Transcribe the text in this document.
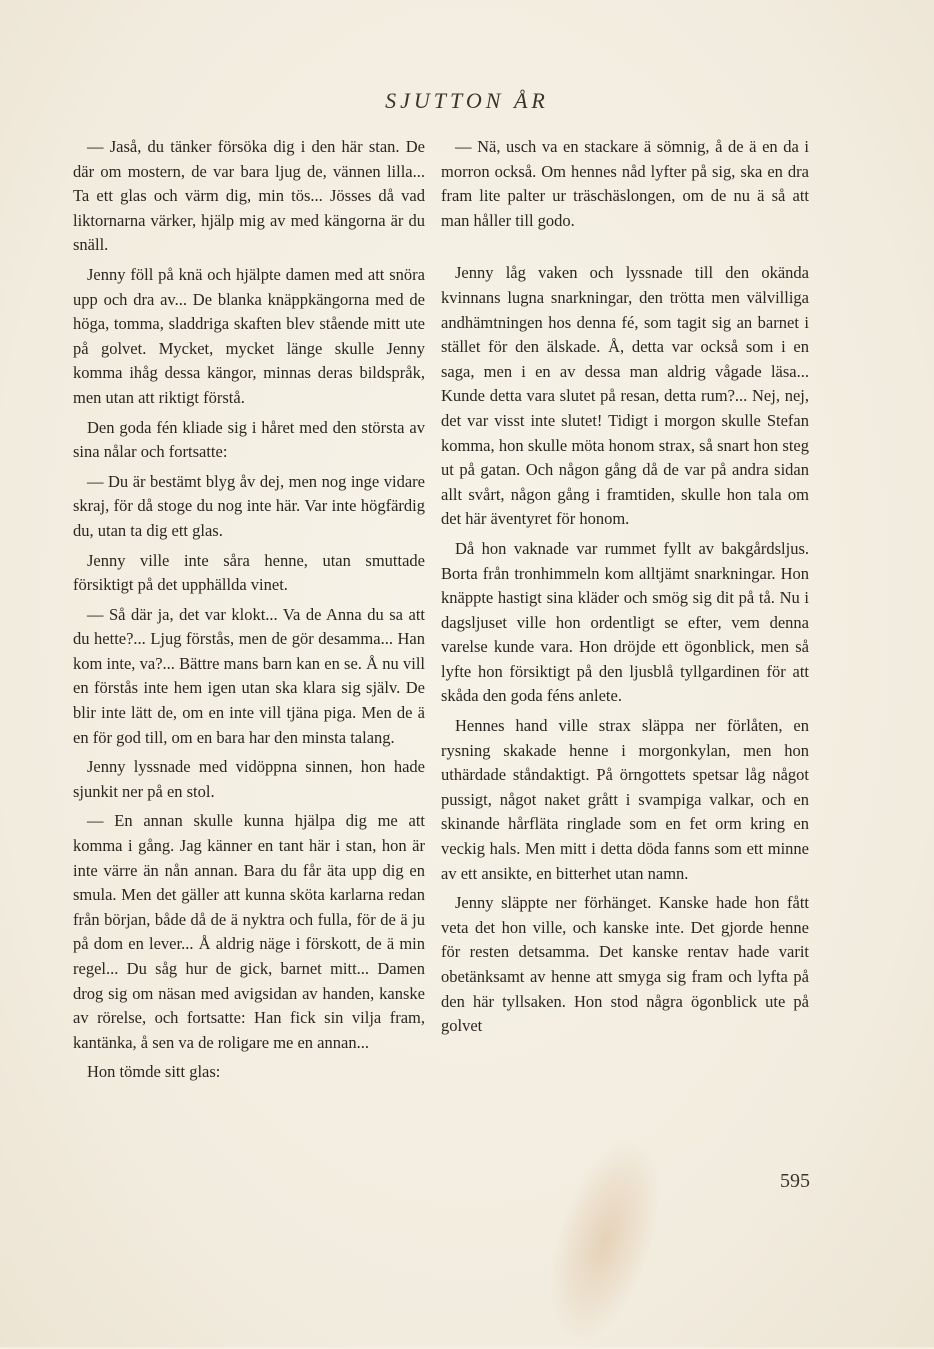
SJUTTON ÅR

— Jaså, du tänker försöka dig i den här stan. De där om mostern, de var bara ljug de, vännen lilla... Ta ett glas och värm dig, min tös... Jösses då vad liktornarna värker, hjälp mig av med kängorna är du snäll.

Jenny föll på knä och hjälpte damen med att snöra upp och dra av... De blanka knäppkängorna med de höga, tomma, sladdriga skaften blev stående mitt ute på golvet. Mycket, mycket länge skulle Jenny komma ihåg dessa kängor, minnas deras bildspråk, men utan att riktigt förstå.

Den goda fén kliade sig i håret med den största av sina nålar och fortsatte:

— Du är bestämt blyg åv dej, men nog inge vidare skraj, för då stoge du nog inte här. Var inte högfärdig du, utan ta dig ett glas.

Jenny ville inte såra henne, utan smuttade försiktigt på det upphällda vinet.

— Så där ja, det var klokt... Va de Anna du sa att du hette?... Ljug förstås, men de gör desamma... Han kom inte, va?... Bättre mans barn kan en se. Å nu vill en förstås inte hem igen utan ska klara sig själv. De blir inte lätt de, om en inte vill tjäna piga. Men de ä en för god till, om en bara har den minsta talang.

Jenny lyssnade med vidöppna sinnen, hon hade sjunkit ner på en stol.

— En annan skulle kunna hjälpa dig me att komma i gång. Jag känner en tant här i stan, hon är inte värre än nån annan. Bara du får äta upp dig en smula. Men det gäller att kunna sköta karlarna redan från början, både då de ä nyktra och fulla, för de ä ju på dom en lever... Å aldrig näge i förskott, de ä min regel... Du såg hur de gick, barnet mitt... Damen drog sig om näsan med avigsidan av handen, kanske av rörelse, och fortsatte: Han fick sin vilja fram, kantänka, å sen va de roligare me en annan...

Hon tömde sitt glas:

— Nä, usch va en stackare ä sömnig, å de ä en da i morron också. Om hennes nåd lyfter på sig, ska en dra fram lite palter ur träschäslongen, om de nu ä så att man håller till godo.

Jenny låg vaken och lyssnade till den okända kvinnans lugna snarkningar, den trötta men välvilliga andhämtningen hos denna fé, som tagit sig an barnet i stället för den älskade. Å, detta var också som i en saga, men i en av dessa man aldrig vågade läsa... Kunde detta vara slutet på resan, detta rum?... Nej, nej, det var visst inte slutet! Tidigt i morgon skulle Stefan komma, hon skulle möta honom strax, så snart hon steg ut på gatan. Och någon gång då de var på andra sidan allt svårt, någon gång i framtiden, skulle hon tala om det här äventyret för honom.

Då hon vaknade var rummet fyllt av bakgårdsljus. Borta från tronhimmeln kom alltjämt snarkningar. Hon knäppte hastigt sina kläder och smög sig dit på tå. Nu i dagsljuset ville hon ordentligt se efter, vem denna varelse kunde vara. Hon dröjde ett ögonblick, men så lyfte hon försiktigt på den ljusblå tyllgardinen för att skåda den goda féns anlete.

Hennes hand ville strax släppa ner förlåten, en rysning skakade henne i morgonkylan, men hon uthärdade ståndaktigt. På örngottets spetsar låg något pussigt, något naket grått i svampiga valkar, och en skinande hårfläta ringlade som en fet orm kring en veckig hals. Men mitt i detta döda fanns som ett minne av ett ansikte, en bitterhet utan namn.

Jenny släppte ner förhänget. Kanske hade hon fått veta det hon ville, och kanske inte. Det gjorde henne för resten detsamma. Det kanske rentav hade varit obetänksamt av henne att smyga sig fram och lyfta på den här tyllsaken. Hon stod några ögonblick ute på golvet

595
